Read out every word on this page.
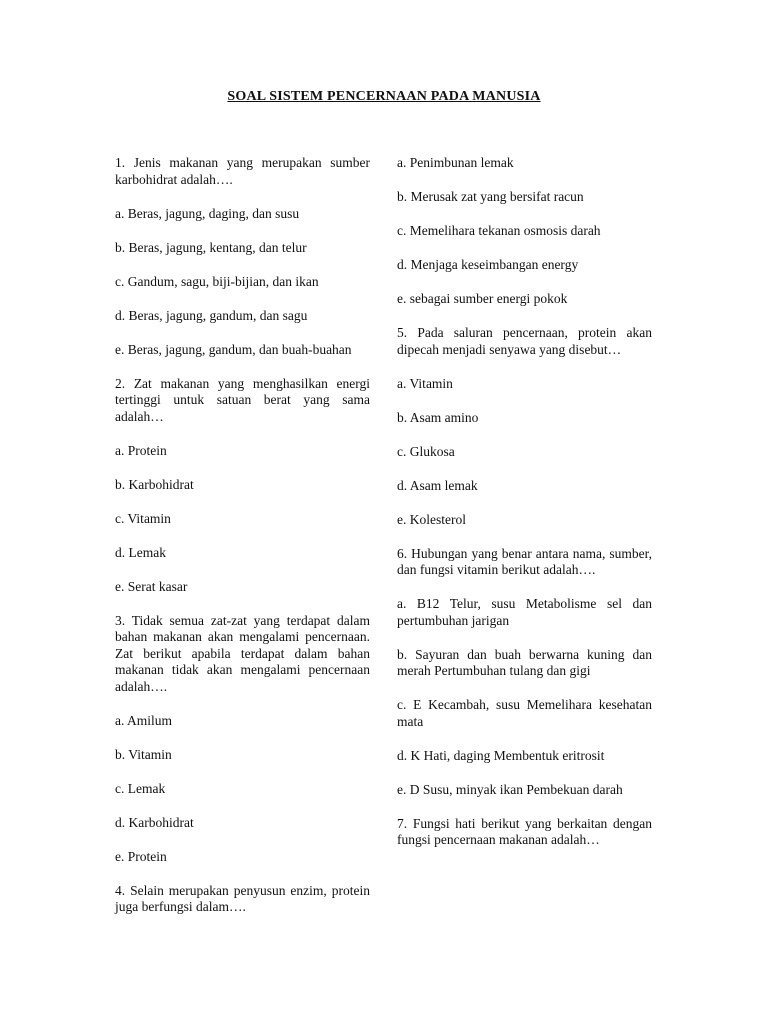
SOAL SISTEM PENCERNAAN PADA MANUSIA

1. Jenis makanan yang merupakan sumber karbohidrat adalah….

a. Beras, jagung, daging, dan susu

b. Beras, jagung, kentang, dan telur

c. Gandum, sagu, biji-bijian, dan ikan

d. Beras, jagung, gandum, dan sagu

e. Beras, jagung, gandum, dan buah-buahan

2. Zat makanan yang menghasilkan energi tertinggi untuk satuan berat yang sama adalah…

a. Protein

b. Karbohidrat

c. Vitamin

d. Lemak

e. Serat kasar

3. Tidak semua zat-zat yang terdapat dalam bahan makanan akan mengalami pencernaan. Zat berikut apabila terdapat dalam bahan makanan tidak akan mengalami pencernaan adalah….

a. Amilum

b. Vitamin

c. Lemak

d. Karbohidrat

e. Protein

4. Selain merupakan penyusun enzim, protein juga berfungsi dalam….

a. Penimbunan lemak

b. Merusak zat yang bersifat racun

c. Memelihara tekanan osmosis darah

d. Menjaga keseimbangan energy

e. sebagai sumber energi pokok

5. Pada saluran pencernaan, protein akan dipecah menjadi senyawa yang disebut…

a. Vitamin

b. Asam amino

c. Glukosa

d. Asam lemak

e. Kolesterol

6. Hubungan yang benar antara nama, sumber, dan fungsi vitamin berikut adalah….

a. B12 Telur, susu Metabolisme sel dan pertumbuhan jarigan

b. Sayuran dan buah berwarna kuning dan merah Pertumbuhan tulang dan gigi

c. E Kecambah, susu Memelihara kesehatan mata

d. K Hati, daging Membentuk eritrosit

e. D Susu, minyak ikan Pembekuan darah

7. Fungsi hati berikut yang berkaitan dengan fungsi pencernaan makanan adalah…
